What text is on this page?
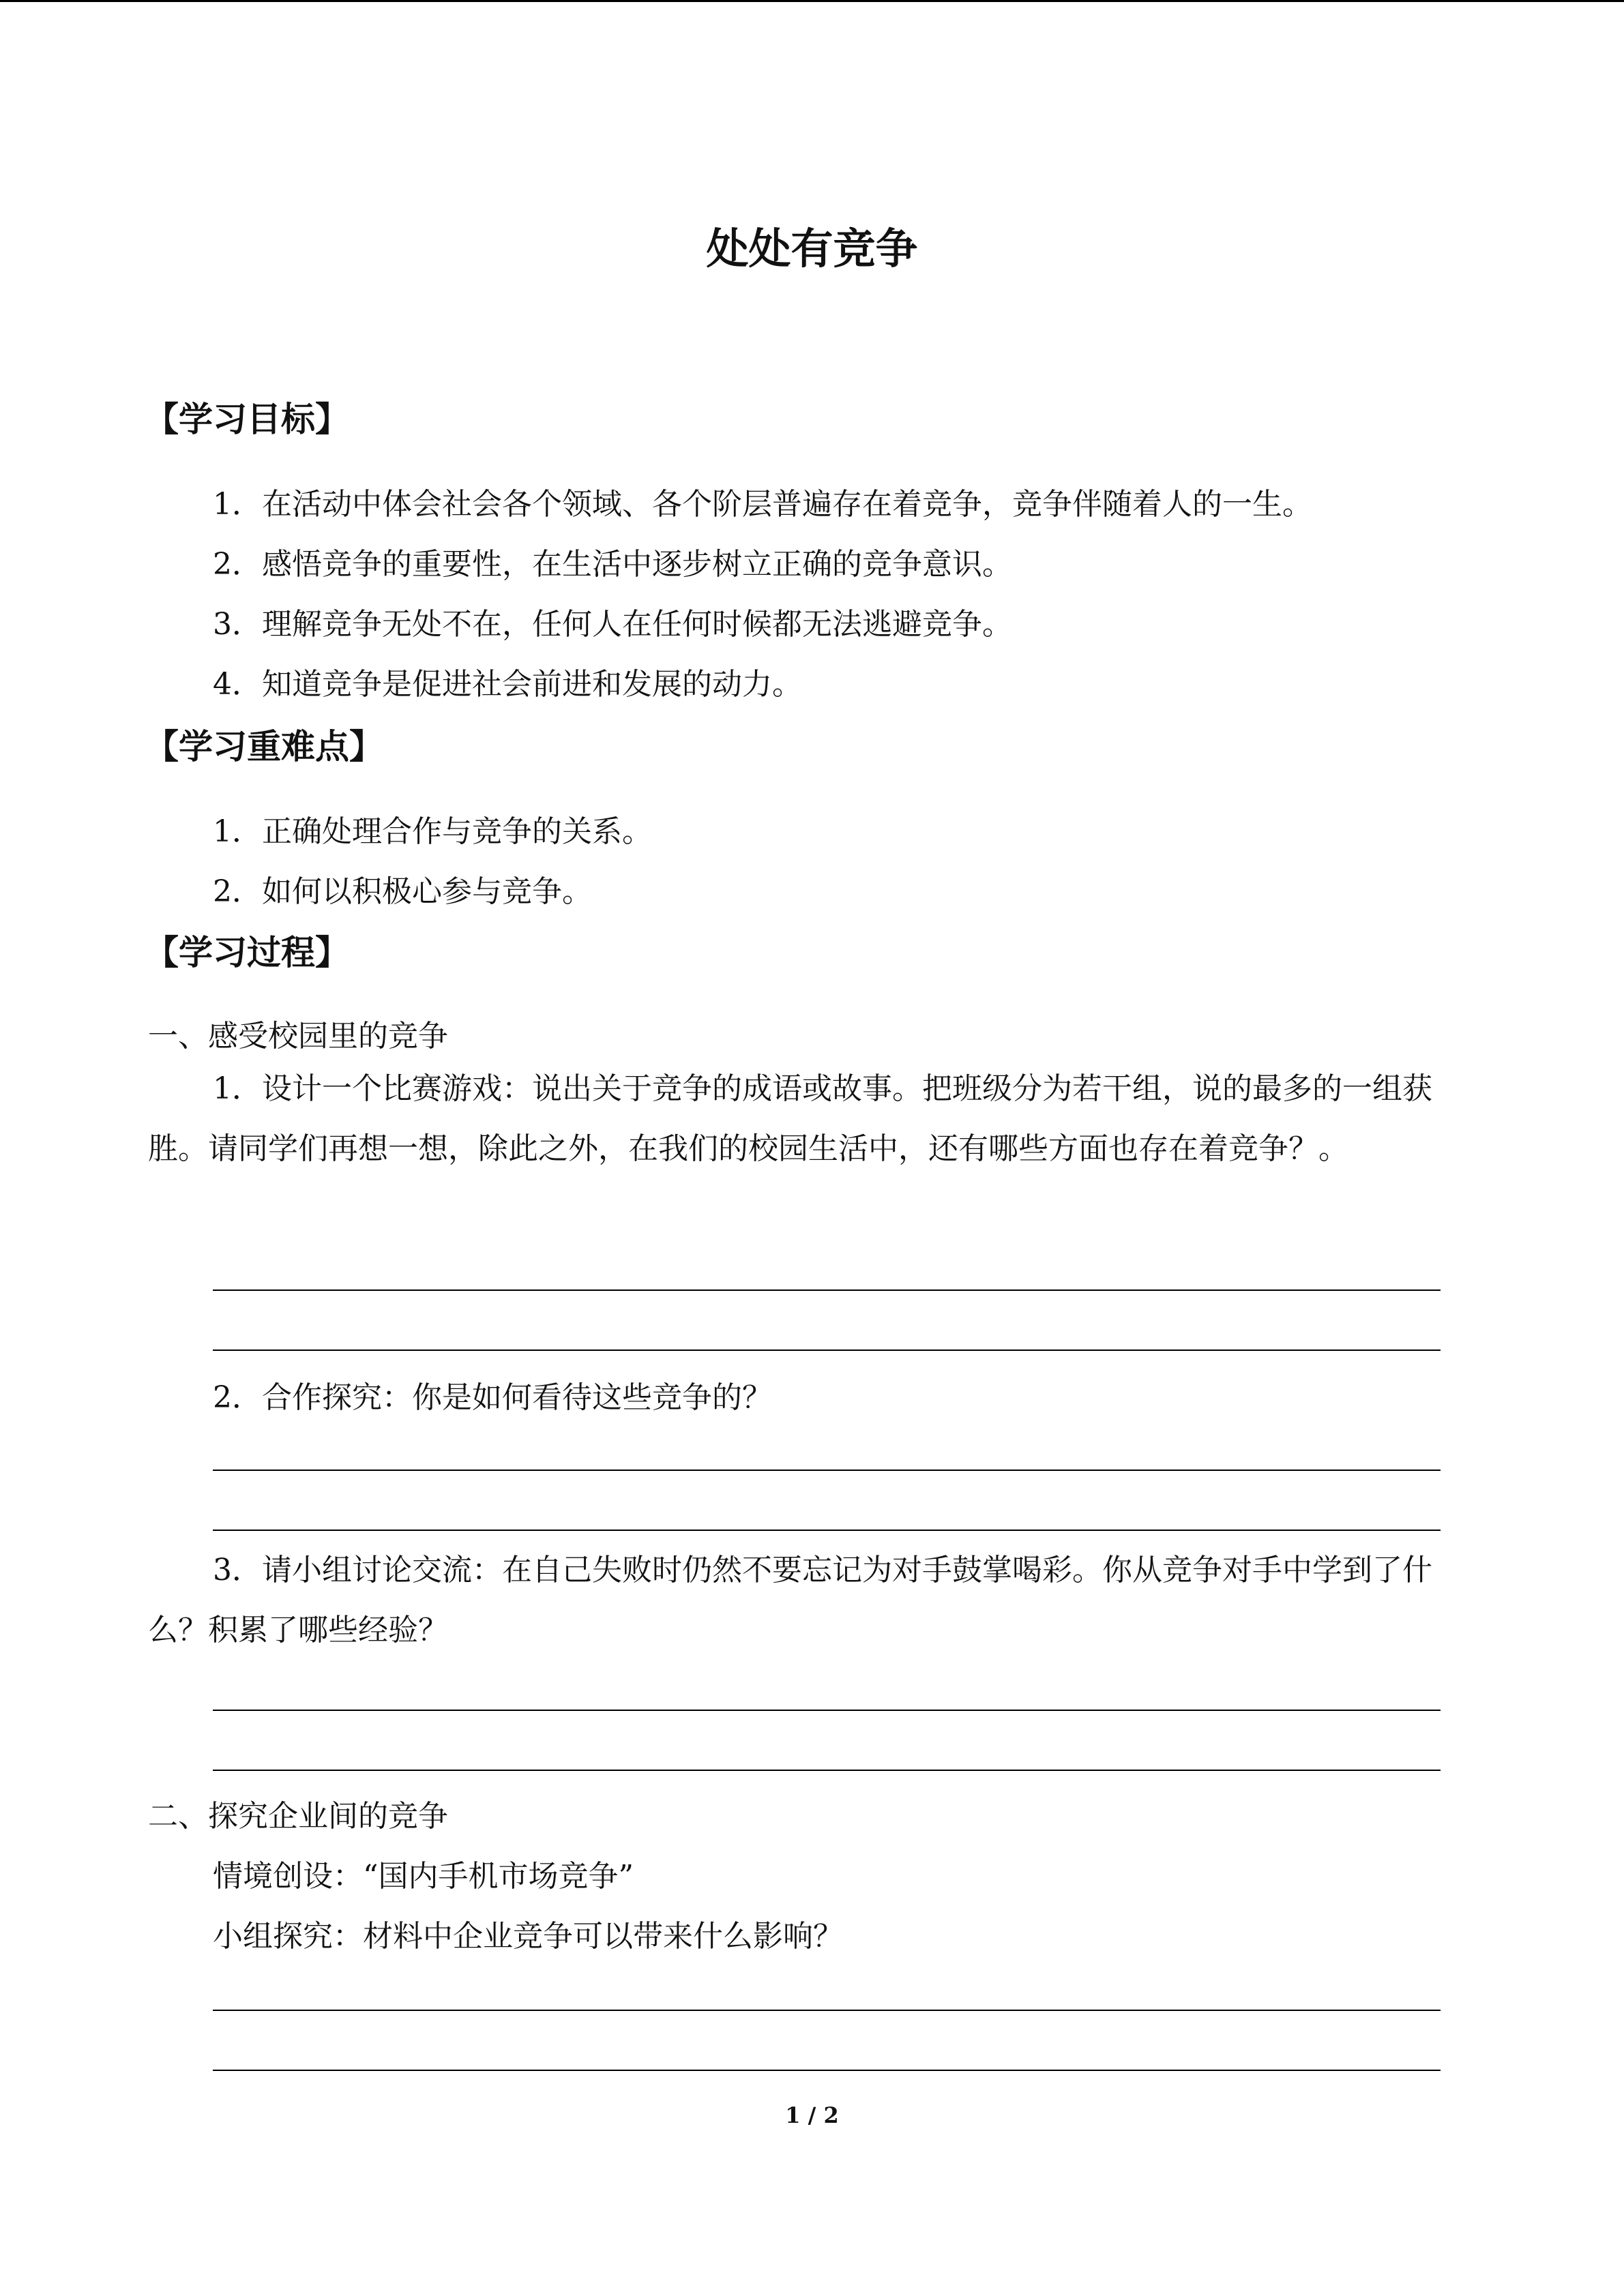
处处有竞争
【学习目标】
1．在活动中体会社会各个领域、各个阶层普遍存在着竞争，竞争伴随着人的一生。
2．感悟竞争的重要性，在生活中逐步树立正确的竞争意识。
3．理解竞争无处不在，任何人在任何时候都无法逃避竞争。
4．知道竞争是促进社会前进和发展的动力。
【学习重难点】
1．正确处理合作与竞争的关系。
2．如何以积极心参与竞争。
【学习过程】
一、感受校园里的竞争
1．设计一个比赛游戏：说出关于竞争的成语或故事。把班级分为若干组，说的最多的一组获胜。请同学们再想一想，除此之外，在我们的校园生活中，还有哪些方面也存在着竞争？。
2．合作探究：你是如何看待这些竞争的？
3．请小组讨论交流：在自己失败时仍然不要忘记为对手鼓掌喝彩。你从竞争对手中学到了什么？积累了哪些经验？
二、探究企业间的竞争
情境创设：“国内手机市场竞争”
小组探究：材料中企业竞争可以带来什么影响？
1 / 2
